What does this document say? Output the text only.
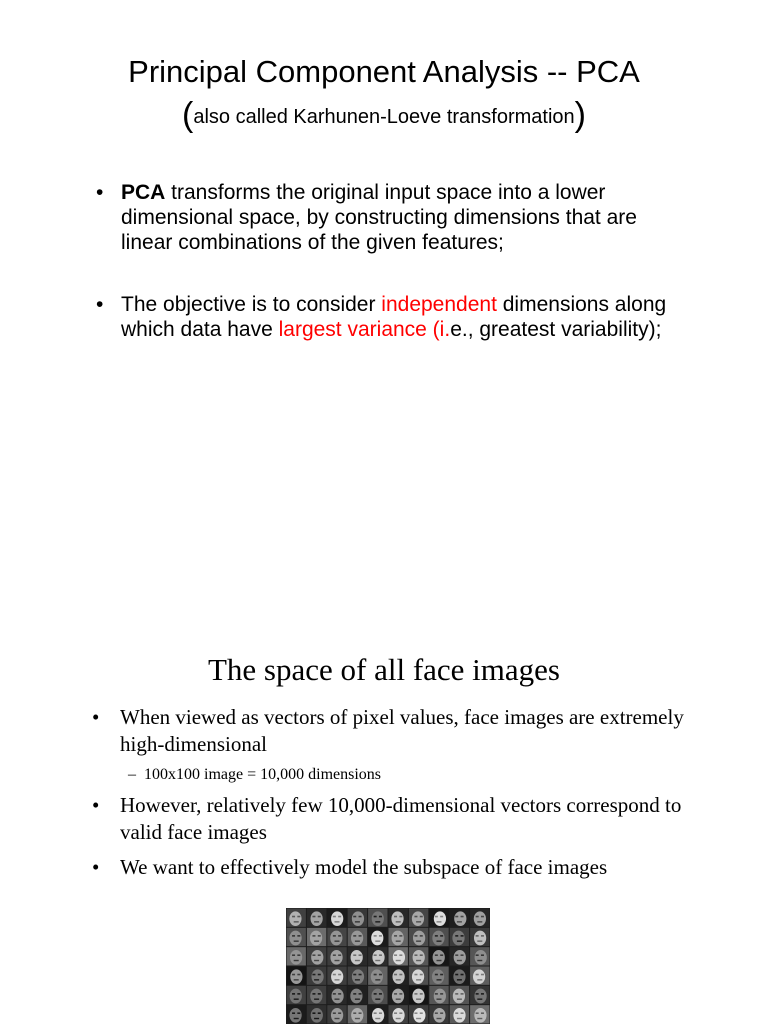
Principal Component Analysis -- PCA
(also called Karhunen-Loeve transformation)
• PCA transforms the original input space into a lower dimensional space, by constructing dimensions that are linear combinations of the given features;
• The objective is to consider independent dimensions along which data have largest variance (i.e., greatest variability);
The space of all face images
• When viewed as vectors of pixel values, face images are extremely high-dimensional
– 100x100 image = 10,000 dimensions
• However, relatively few 10,000-dimensional vectors correspond to valid face images
• We want to effectively model the subspace of face images
